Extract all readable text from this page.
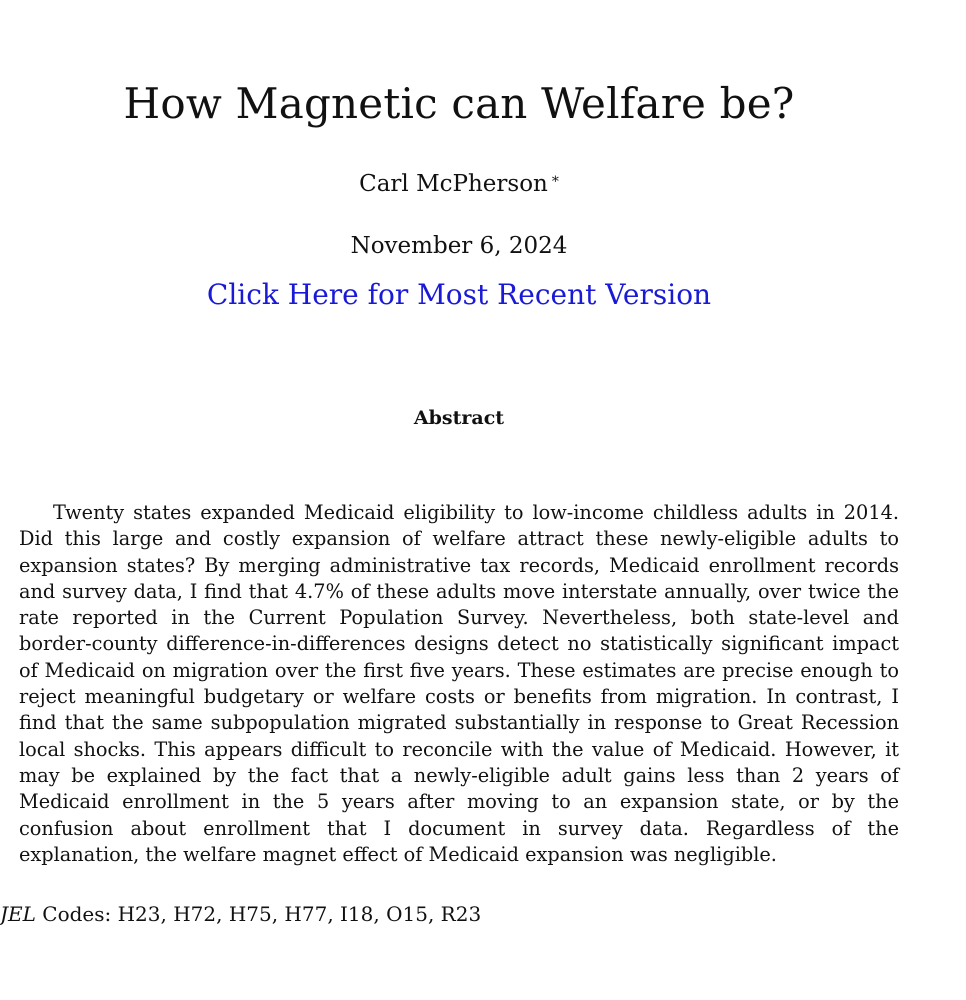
How Magnetic can Welfare be?
Carl McPherson *
November 6, 2024
Click Here for Most Recent Version
Abstract

Twenty states expanded Medicaid eligibility to low-income childless adults in 2014. Did this large and costly expansion of welfare attract these newly-eligible adults to expansion states? By merging administrative tax records, Medicaid enrollment records and survey data, I find that 4.7% of these adults move interstate annually, over twice the rate reported in the Current Population Survey. Nevertheless, both state-level and border-county difference-in-differences designs detect no statistically significant impact of Medicaid on migration over the first five years. These estimates are precise enough to reject meaningful budgetary or welfare costs or benefits from migration. In contrast, I find that the same subpopulation migrated substantially in response to Great Recession local shocks. This appears difficult to reconcile with the value of Medicaid. However, it may be explained by the fact that a newly-eligible adult gains less than 2 years of Medicaid enrollment in the 5 years after moving to an expansion state, or by the confusion about enrollment that I document in survey data. Regardless of the explanation, the welfare magnet effect of Medicaid expansion was negligible.

JEL Codes: H23, H72, H75, H77, I18, O15, R23
